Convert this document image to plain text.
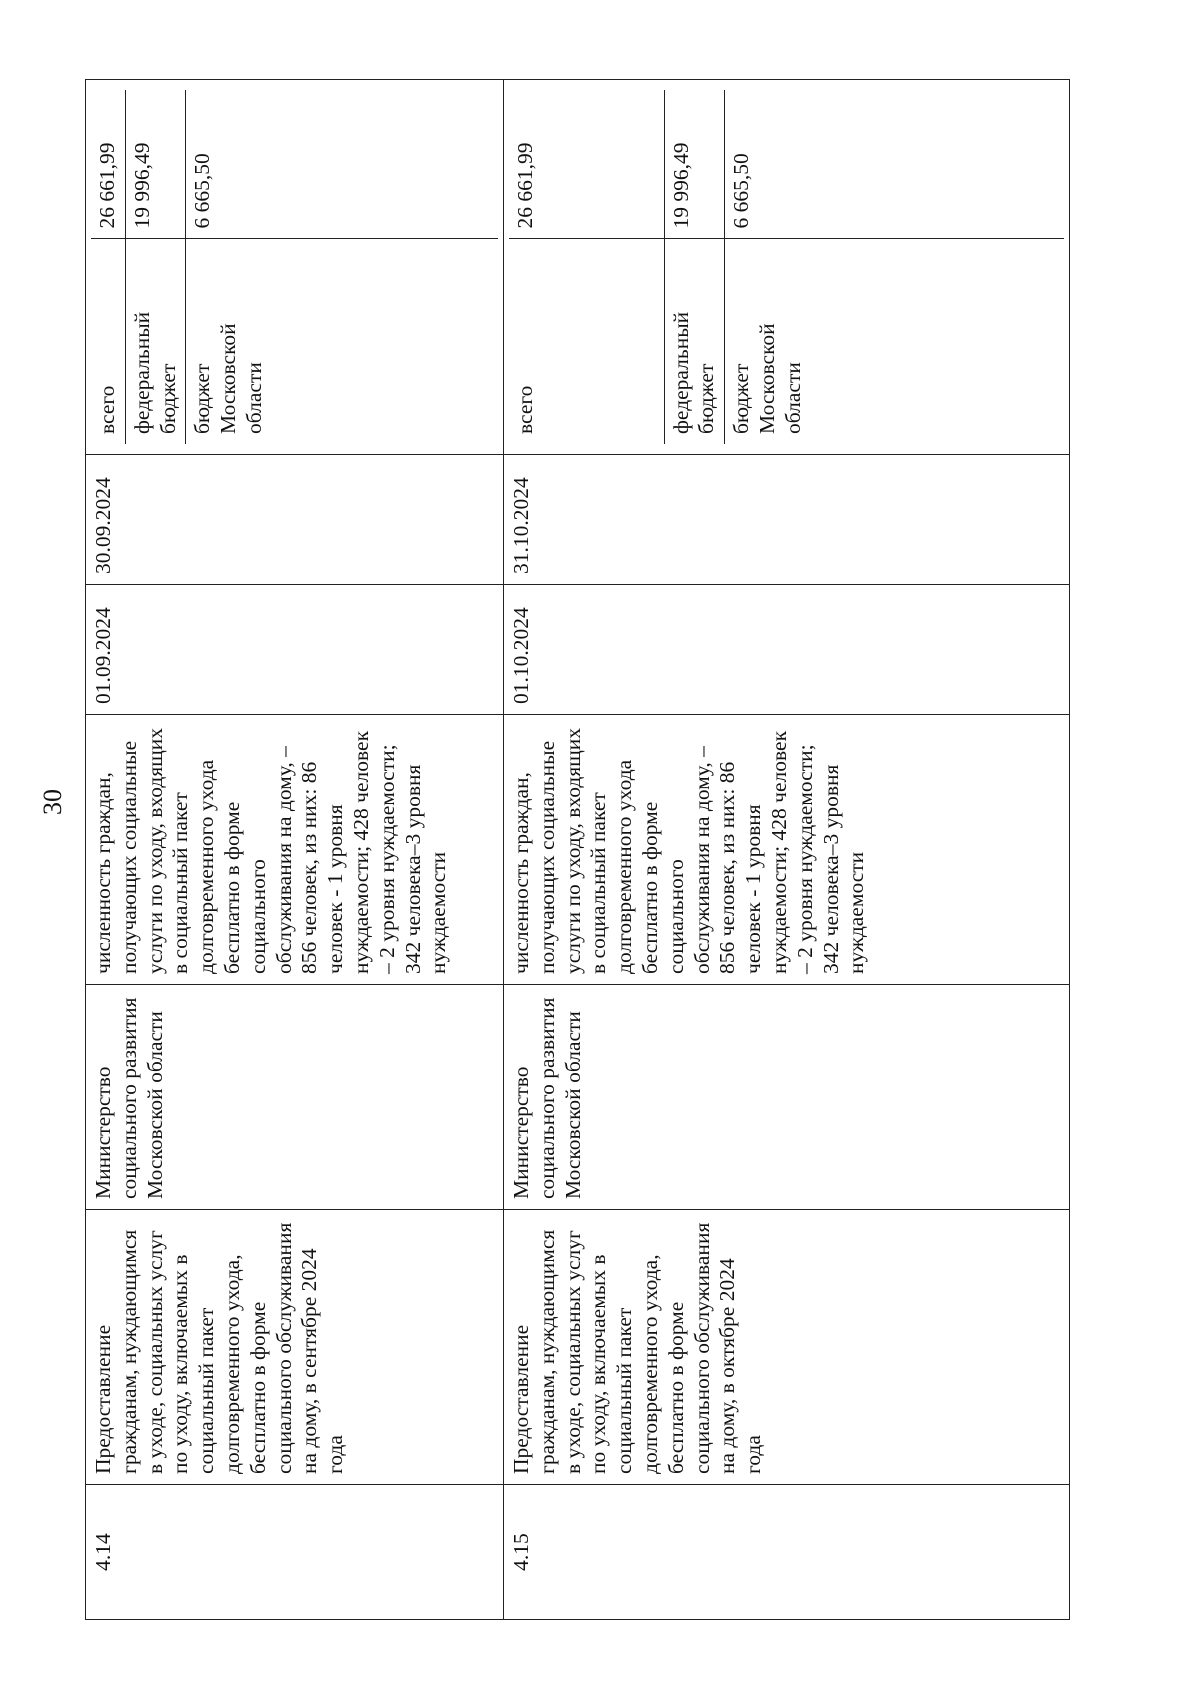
30
4.14	Предоставление гражданам, нуждающимся в уходе, социальных услуг по уходу, включаемых в социальный пакет долговременного ухода, бесплатно в форме социального обслуживания на дому, в сентябре 2024 года	Министерство социального развития Московской области	численность граждан, получающих социальные услуги по уходу, входящих в социальный пакет долговременного ухода бесплатно в форме социального обслуживания на дому, – 856 человек, из них: 86 человек - 1 уровня нуждаемости; 428 человек – 2 уровня нуждаемости; 342 человека–3 уровня нуждаемости	01.09.2024	30.09.2024	
всего	26 661,99
федеральный бюджет	19 996,49
бюджет Московской области	6 665,50

4.15	Предоставление гражданам, нуждающимся в уходе, социальных услуг по уходу, включаемых в социальный пакет долговременного ухода, бесплатно в форме социального обслуживания на дому, в октябре 2024 года	Министерство социального развития Московской области	численность граждан, получающих социальные услуги по уходу, входящих в социальный пакет долговременного ухода бесплатно в форме социального обслуживания на дому, – 856 человек, из них: 86 человек - 1 уровня нуждаемости; 428 человек – 2 уровня нуждаемости; 342 человека–3 уровня нуждаемости	01.10.2024	31.10.2024	
всего	26 661,99
федеральный бюджет	19 996,49
бюджет Московской области	6 665,50
